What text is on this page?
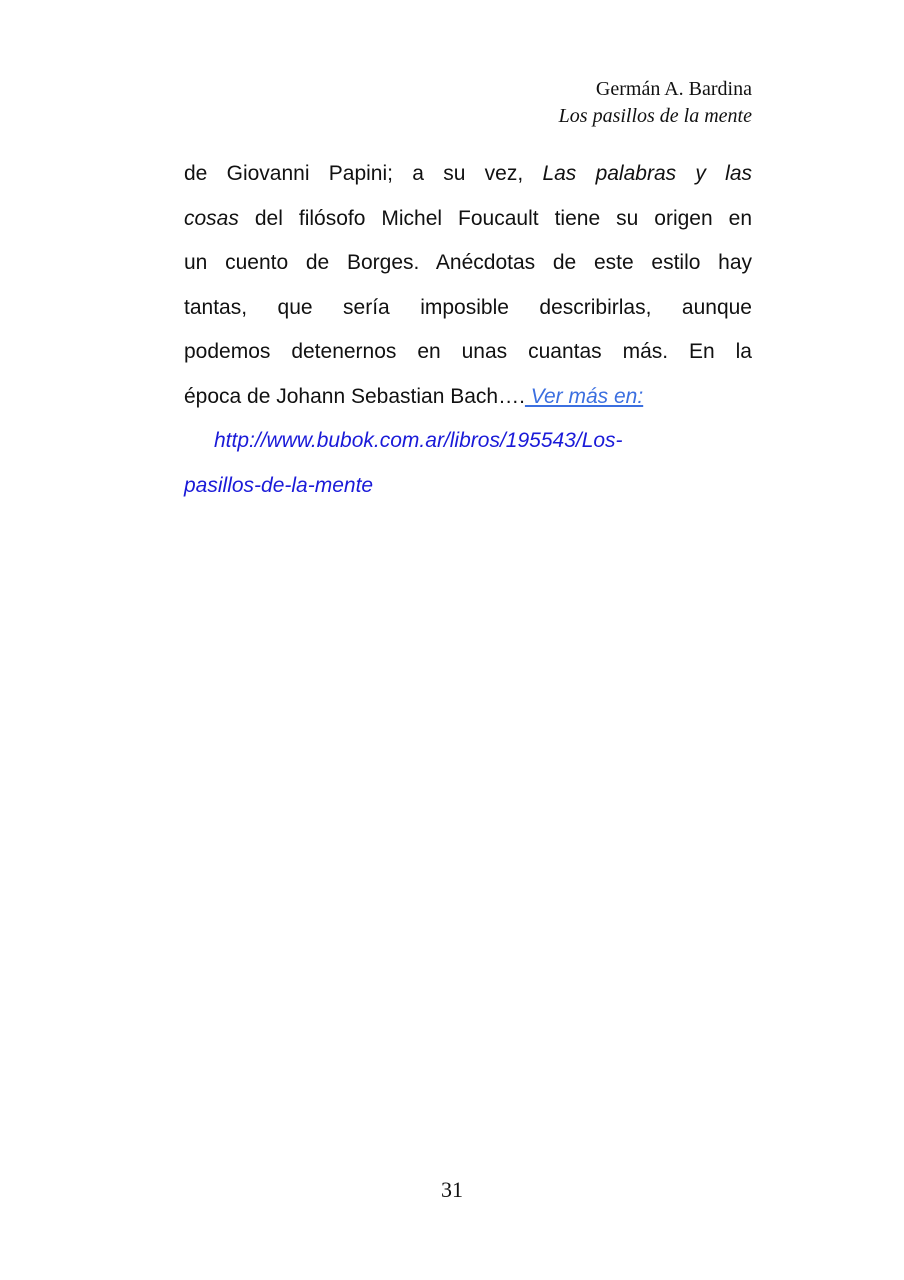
Germán A. Bardina
Los pasillos de la mente
de Giovanni Papini; a su vez, Las palabras y las
cosas del filósofo Michel Foucault tiene su origen en
un cuento de Borges. Anécdotas de este estilo hay
tantas, que sería imposible describirlas, aunque
podemos detenernos en unas cuantas más. En la
época de Johann Sebastian Bach…. Ver más en:
http://www.bubok.com.ar/libros/195543/Los-
pasillos-de-la-mente
31
